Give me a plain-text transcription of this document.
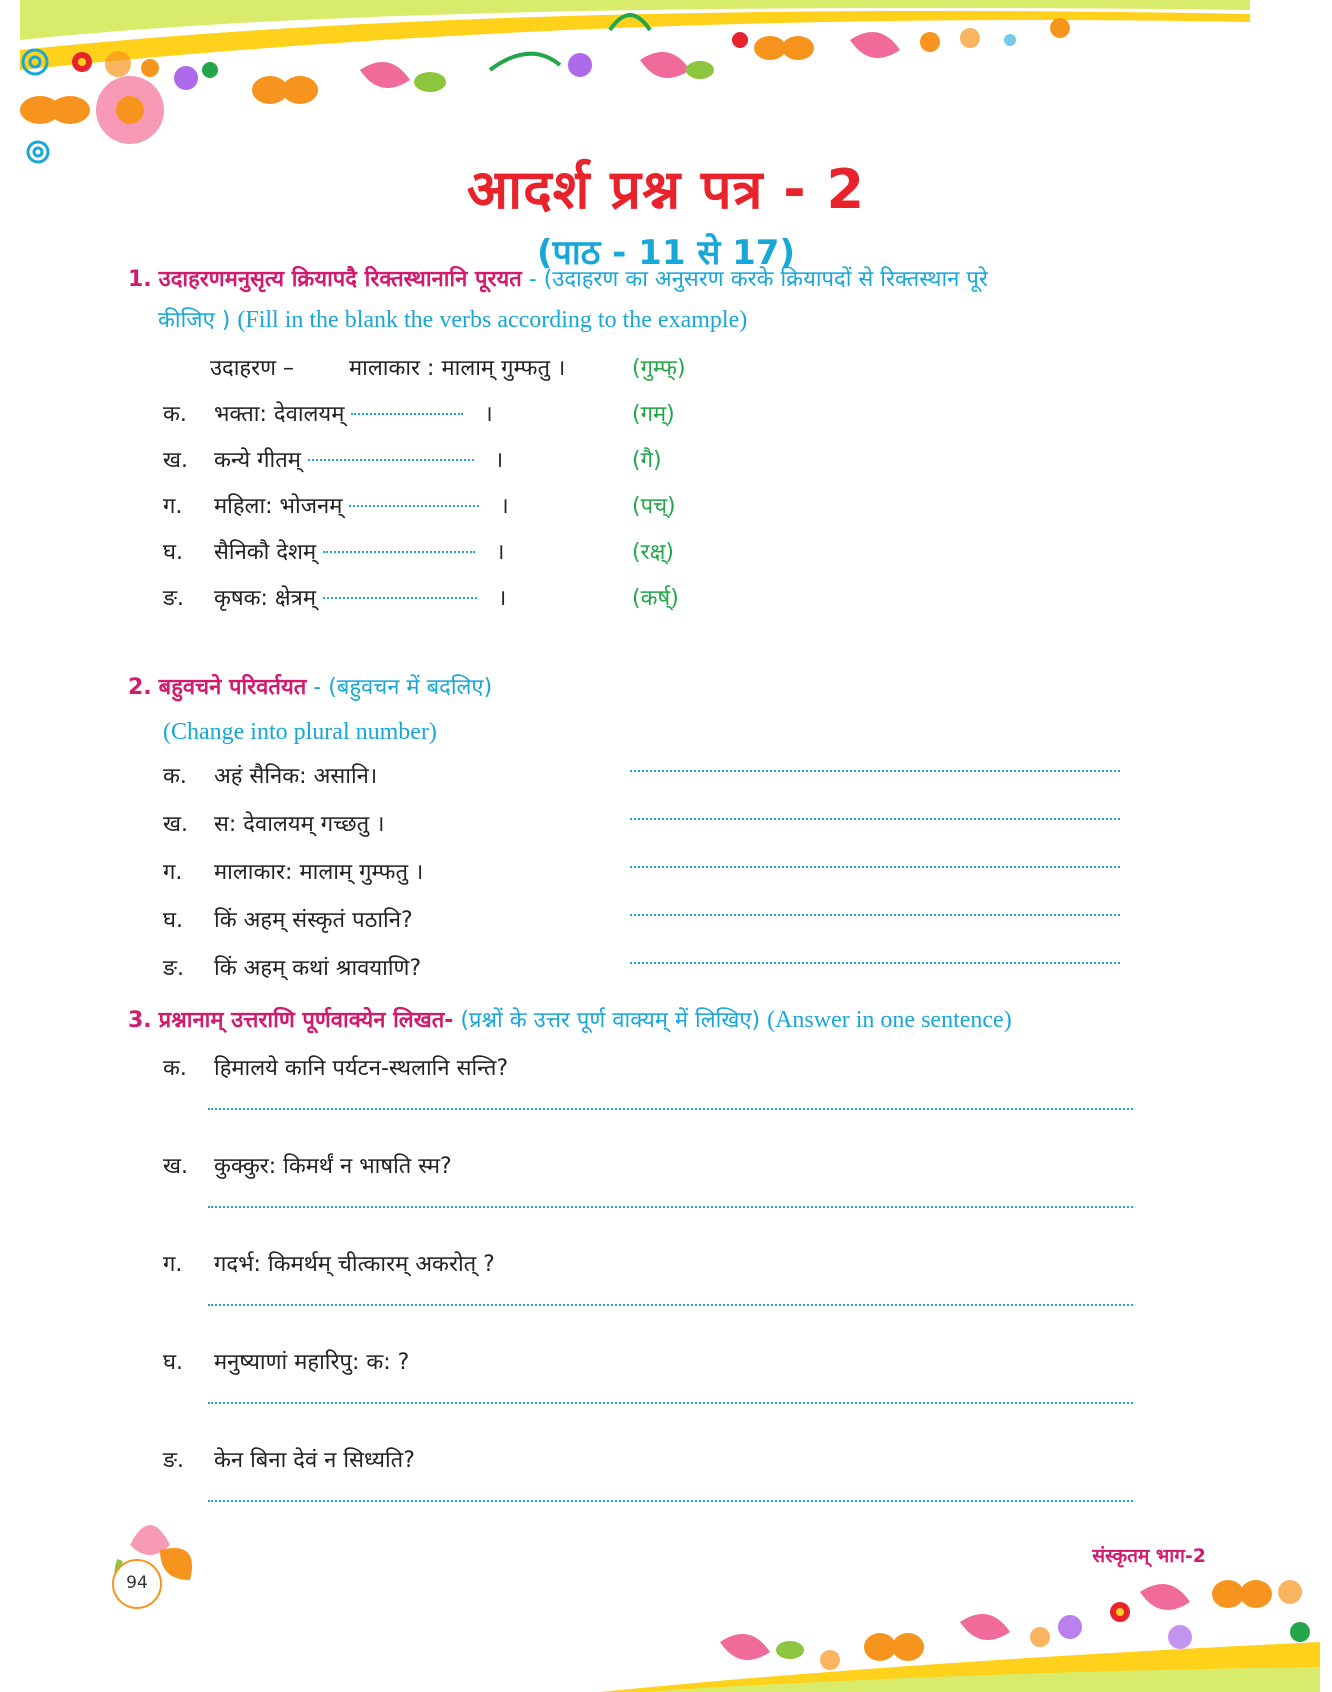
आदर्श प्रश्न पत्र - 2
(पाठ - 11 से 17)
1. उदाहरणमनुसृत्य क्रियापदै रिक्तस्थानानि पूरयत - (उदाहरण का अनुसरण करके क्रियापदों से रिक्तस्थान पूरे
कीजिए ) (Fill in the blank the verbs according to the example)
उदाहरण – मालाकार : मालाम् गुम्फतु ।	(गुम्फ्)
क. भक्ता: देवालयम्	।	(गम्)
ख. कन्ये गीतम्	।	(गै)
ग. महिला: भोजनम्	।	(पच्)
घ. सैनिकौ देशम्	।	(रक्ष्)
ङ. कृषक: क्षेत्रम्	।	(कर्ष्)
2. बहुवचने परिवर्तयत - (बहुवचन में बदलिए)
(Change into plural number)
क. अहं सैनिक: असानि।
ख. स: देवालयम् गच्छतु ।
ग. मालाकार: मालाम् गुम्फतु ।
घ. किं अहम् संस्कृतं पठानि?
ङ. किं अहम् कथां श्रावयाणि?
3. प्रश्नानाम् उत्तराणि पूर्णवाक्येन लिखत- (प्रश्नों के उत्तर पूर्ण वाक्यम् में लिखिए) (Answer in one sentence)
क. हिमालये कानि पर्यटन-स्थलानि सन्ति?
ख. कुक्कुर: किमर्थं न भाषति स्म?
ग. गदर्भ: किमर्थम् चीत्कारम् अकरोत् ?
घ. मनुष्याणां महारिपु: क: ?
ङ. केन बिना देवं न सिध्यति?
94
संस्कृतम् भाग-2
